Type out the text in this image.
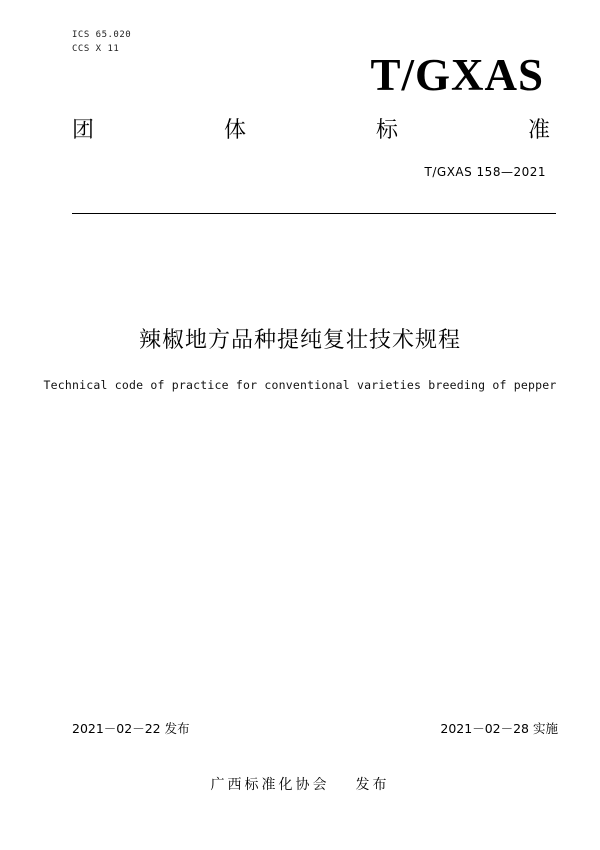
ICS 65.020
CCS X 11
T/GXAS
团	体	标	准
T/GXAS 158—2021
辣椒地方品种提纯复壮技术规程
Technical code of practice for conventional varieties breeding of pepper
2021－02－22 发布	2021－02－28 实施
广西标准化协会 发布
